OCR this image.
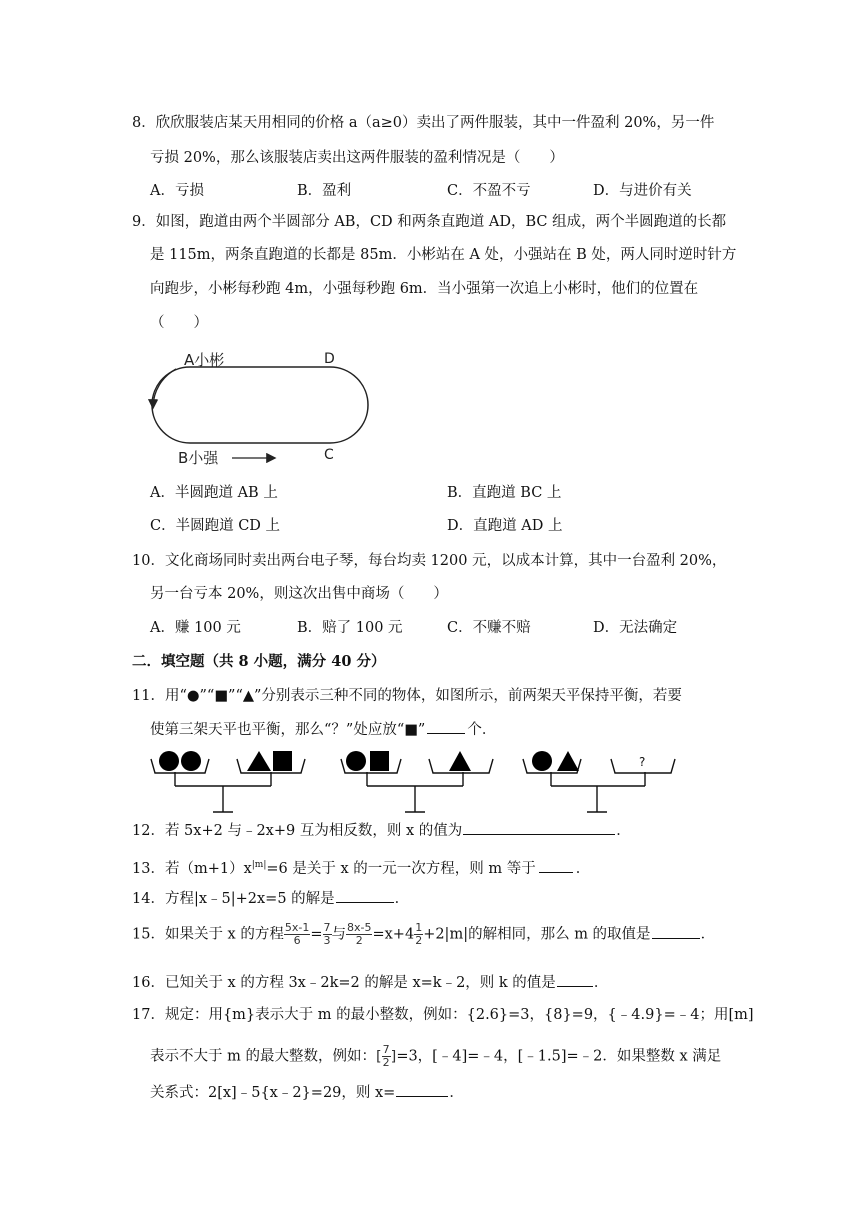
8．欣欣服装店某天用相同的价格 a（a≥0）卖出了两件服装，其中一件盈利 20%，另一件
亏损 20%，那么该服装店卖出这两件服装的盈利情况是（　　）
A．亏损	B．盈利	C．不盈不亏	D．与进价有关
9．如图，跑道由两个半圆部分 AB，CD 和两条直跑道 AD，BC 组成，两个半圆跑道的长都
是 115m，两条直跑道的长都是 85m．小彬站在 A 处，小强站在 B 处，两人同时逆时针方
向跑步，小彬每秒跑 4m，小强每秒跑 6m．当小强第一次追上小彬时，他们的位置在
（　　）
A小彬	D
B小强	C
A．半圆跑道 AB 上	B．直跑道 BC 上
C．半圆跑道 CD 上	D．直跑道 AD 上
10．文化商场同时卖出两台电子琴，每台均卖 1200 元，以成本计算，其中一台盈利 20%，
另一台亏本 20%，则这次出售中商场（　　）
A．赚 100 元	B．赔了 100 元	C．不赚不赔	D．无法确定
二．填空题（共 8 小题，满分 40 分）
11．用“●”“■”“▲”分别表示三种不同的物体，如图所示，前两架天平保持平衡，若要
使第三架天平也平衡，那么“？”处应放“■”	个．
?
12．若 5x+2 与﹣2x+9 互为相反数，则 x 的值为	．
13．若$(m+1)x^{|m|}=6$ 是关于 x 的一元一次方程，则 m 等于	．
14．方程|x﹣5|+2x=5 的解是	．
15．如果关于 x 的方程 $\frac{5x-1}{6} = \frac{7}{3}$ 与 $\frac{8x-5}{2} =x+4 \frac{1}{2} +2|m|$的解相同，那么 m 的取值是	．
16．已知关于 x 的方程 3x﹣2k=2 的解是 x=k﹣2，则 k 的值是	．
17．规定：用{m}表示大于 m 的最小整数，例如：{2.6}=3，{8}=9，{﹣4.9}=﹣4；用[m]
表示不大于 m 的最大整数，例如：[ $\frac{7}{2} ]=3$，[﹣4]=﹣4，[﹣1.5]=﹣2．如果整数 x 满足
关系式：2[x]﹣5{x﹣2}=29，则 x=	．
